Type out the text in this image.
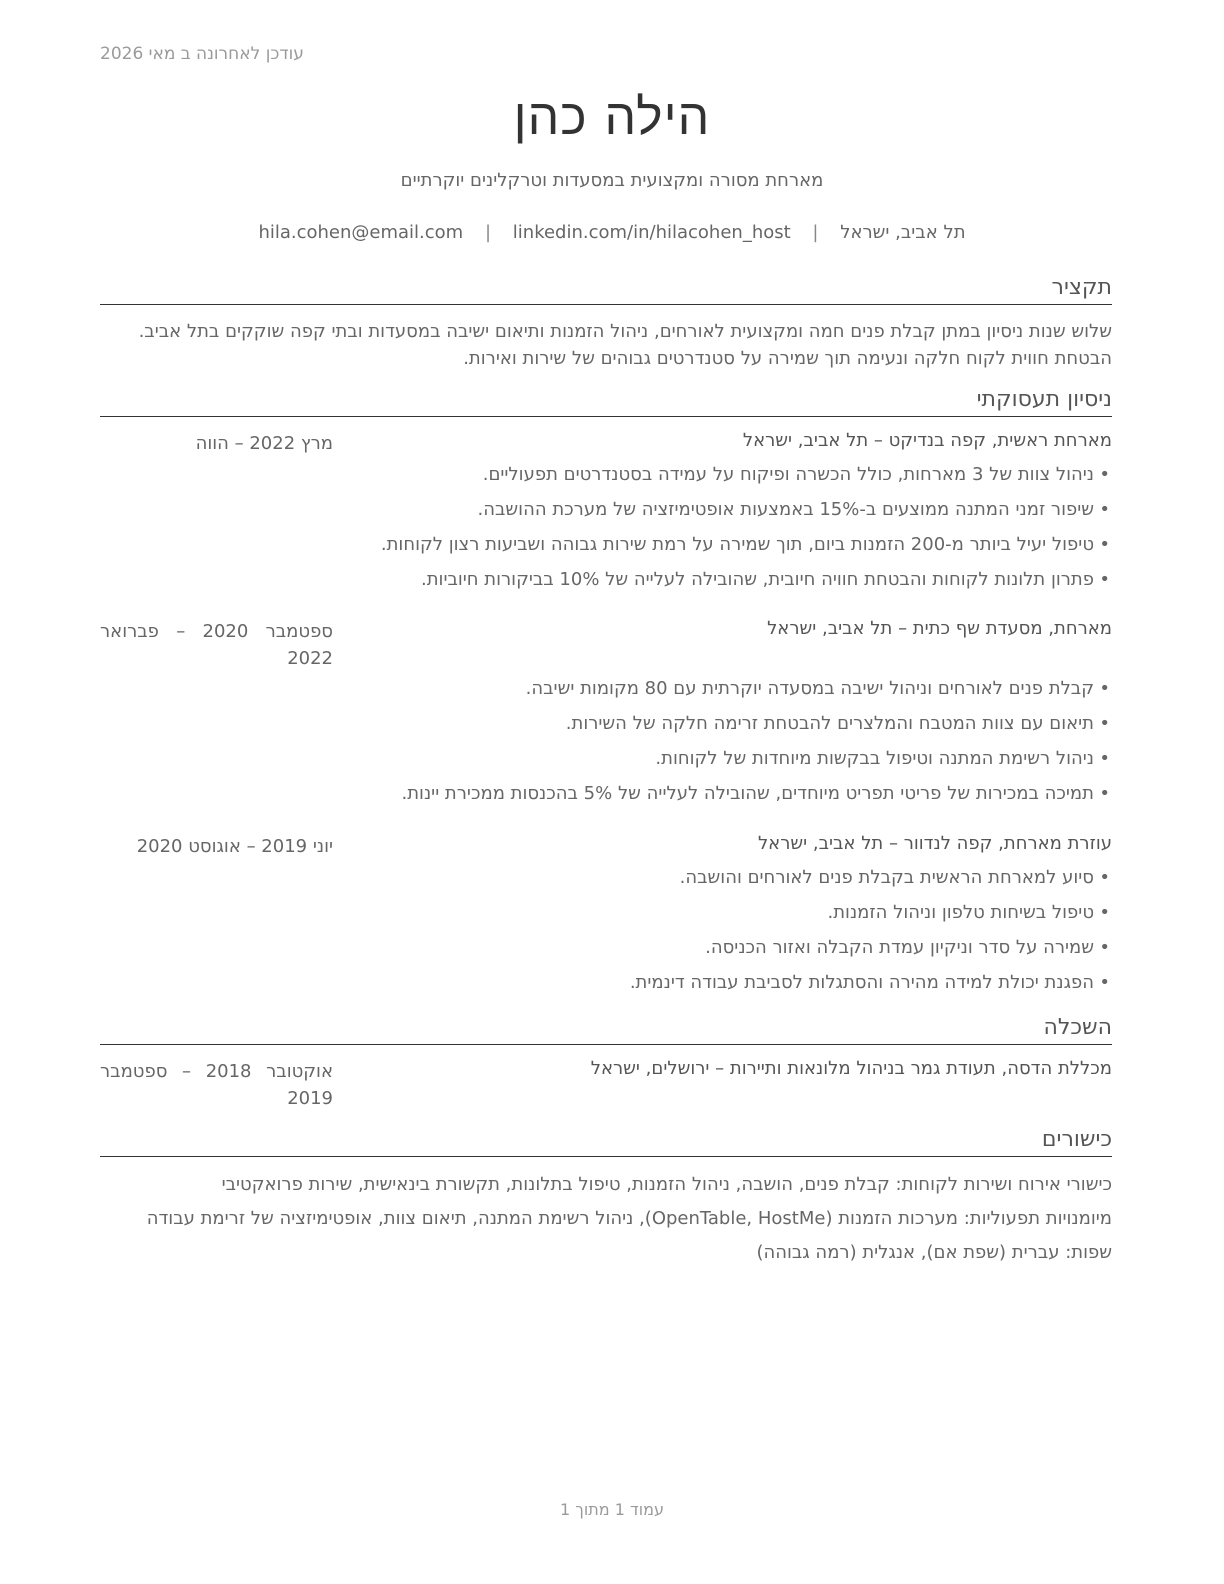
עודכן לאחרונה ב מאי 2026
הילה כהן
מארחת מסורה ומקצועית במסעדות וטרקלינים יוקרתיים
תל אביב, ישראל | hila.cohen@email.com | linkedin.com/in/hilacohen_host
תקציר
שלוש שנות ניסיון במתן קבלת פנים חמה ומקצועית לאורחים, ניהול הזמנות ותיאום ישיבה במסעדות ובתי קפה שוקקים בתל אביב. הבטחת חווית לקוח חלקה ונעימה תוך שמירה על סטנדרטים גבוהים של שירות ואירות.
ניסיון תעסוקתי
מארחת ראשית, קפה בנדיקט – תל אביב, ישראל
מרץ 2022 – הווה
• ניהול צוות של 3 מארחות, כולל הכשרה ופיקוח על עמידה בסטנדרטים תפעוליים.
• שיפור זמני המתנה ממוצעים ב-15% באמצעות אופטימיזציה של מערכת ההושבה.
• טיפול יעיל ביותר מ-200 הזמנות ביום, תוך שמירה על רמת שירות גבוהה ושביעות רצון לקוחות.
• פתרון תלונות לקוחות והבטחת חוויה חיובית, שהובילה לעלייה של 10% בביקורות חיוביות.
מארחת, מסעדת שף כתית – תל אביב, ישראל
ספטמבר 2020 – פברואר 2022
• קבלת פנים לאורחים וניהול ישיבה במסעדה יוקרתית עם 80 מקומות ישיבה.
• תיאום עם צוות המטבח והמלצרים להבטחת זרימה חלקה של השירות.
• ניהול רשימת המתנה וטיפול בבקשות מיוחדות של לקוחות.
• תמיכה במכירות של פריטי תפריט מיוחדים, שהובילה לעלייה של 5% בהכנסות ממכירת יינות.
עוזרת מארחת, קפה לנדוור – תל אביב, ישראל
יוני 2019 – אוגוסט 2020
• סיוע למארחת הראשית בקבלת פנים לאורחים והושבה.
• טיפול בשיחות טלפון וניהול הזמנות.
• שמירה על סדר וניקיון עמדת הקבלה ואזור הכניסה.
• הפגנת יכולת למידה מהירה והסתגלות לסביבת עבודה דינמית.
השכלה
מכללת הדסה, תעודת גמר בניהול מלונאות ותיירות – ירושלים, ישראל
אוקטובר 2018 – ספטמבר 2019
כישורים
כישורי אירוח ושירות לקוחות: קבלת פנים, הושבה, ניהול הזמנות, טיפול בתלונות, תקשורת בינאישית, שירות פרואקטיבי
מיומנויות תפעוליות: מערכות הזמנות (OpenTable, HostMe), ניהול רשימת המתנה, תיאום צוות, אופטימיזציה של זרימת עבודה
שפות: עברית (שפת אם), אנגלית (רמה גבוהה)
עמוד 1 מתוך 1
